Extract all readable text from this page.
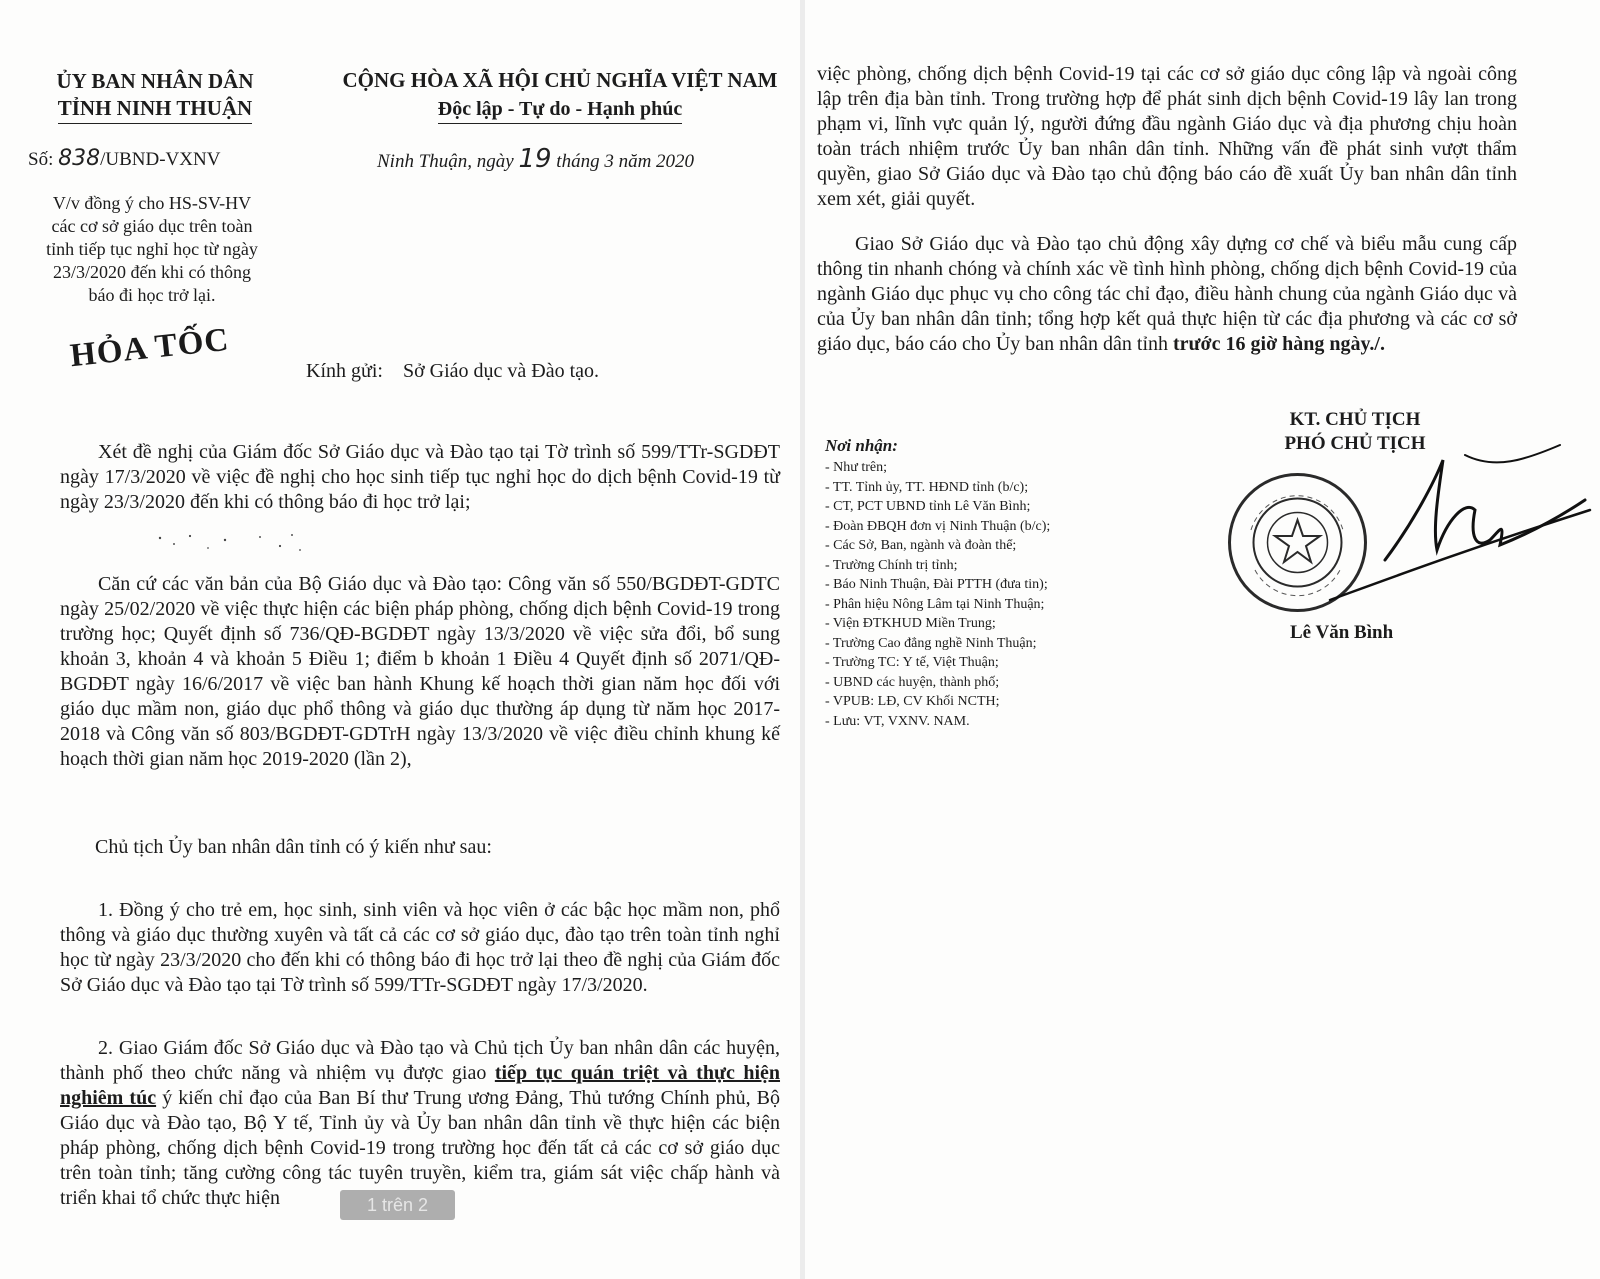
ỦY BAN NHÂN DÂN
TỈNH NINH THUẬN
CỘNG HÒA XÃ HỘI CHỦ NGHĨA VIỆT NAM
Độc lập - Tự do - Hạnh phúc
Số: 838/UBND-VXNV	Ninh Thuận, ngày 19 tháng 3 năm 2020
V/v đồng ý cho HS-SV-HV
các cơ sở giáo dục trên toàn
tỉnh tiếp tục nghỉ học từ ngày
23/3/2020 đến khi có thông
báo đi học trở lại.
HỎA TỐC	Kính gửi: Sở Giáo dục và Đào tạo.
Xét đề nghị của Giám đốc Sở Giáo dục và Đào tạo tại Tờ trình số 599/TTr-SGDĐT ngày 17/3/2020 về việc đề nghị cho học sinh tiếp tục nghỉ học do dịch bệnh Covid-19 từ ngày 23/3/2020 đến khi có thông báo đi học trở lại;
Căn cứ các văn bản của Bộ Giáo dục và Đào tạo: Công văn số 550/BGDĐT-GDTC ngày 25/02/2020 về việc thực hiện các biện pháp phòng, chống dịch bệnh Covid-19 trong trường học; Quyết định số 736/QĐ-BGDĐT ngày 13/3/2020 về việc sửa đổi, bổ sung khoản 3, khoản 4 và khoản 5 Điều 1; điểm b khoản 1 Điều 4 Quyết định số 2071/QĐ-BGDĐT ngày 16/6/2017 về việc ban hành Khung kế hoạch thời gian năm học đối với giáo dục mầm non, giáo dục phổ thông và giáo dục thường áp dụng từ năm học 2017-2018 và Công văn số 803/BGDĐT-GDTrH ngày 13/3/2020 về việc điều chỉnh khung kế hoạch thời gian năm học 2019-2020 (lần 2),
Chủ tịch Ủy ban nhân dân tỉnh có ý kiến như sau:
1. Đồng ý cho trẻ em, học sinh, sinh viên và học viên ở các bậc học mầm non, phổ thông và giáo dục thường xuyên và tất cả các cơ sở giáo dục, đào tạo trên toàn tỉnh nghỉ học từ ngày 23/3/2020 cho đến khi có thông báo đi học trở lại theo đề nghị của Giám đốc Sở Giáo dục và Đào tạo tại Tờ trình số 599/TTr-SGDĐT ngày 17/3/2020.
2. Giao Giám đốc Sở Giáo dục và Đào tạo và Chủ tịch Ủy ban nhân dân các huyện, thành phố theo chức năng và nhiệm vụ được giao tiếp tục quán triệt và thực hiện nghiêm túc ý kiến chỉ đạo của Ban Bí thư Trung ương Đảng, Thủ tướng Chính phủ, Bộ Giáo dục và Đào tạo, Bộ Y tế, Tỉnh ủy và Ủy ban nhân dân tỉnh về thực hiện các biện pháp phòng, chống dịch bệnh Covid-19 trong trường học đến tất cả các cơ sở giáo dục trên toàn tỉnh; tăng cường công tác tuyên truyền, kiểm tra, giám sát việc chấp hành và triển khai tổ chức thực hiện	1 trên 2
việc phòng, chống dịch bệnh Covid-19 tại các cơ sở giáo dục công lập và ngoài công lập trên địa bàn tỉnh. Trong trường hợp để phát sinh dịch bệnh Covid-19 lây lan trong phạm vi, lĩnh vực quản lý, người đứng đầu ngành Giáo dục và địa phương chịu hoàn toàn trách nhiệm trước Ủy ban nhân dân tỉnh. Những vấn đề phát sinh vượt thẩm quyền, giao Sở Giáo dục và Đào tạo chủ động báo cáo đề xuất Ủy ban nhân dân tỉnh xem xét, giải quyết.
Giao Sở Giáo dục và Đào tạo chủ động xây dựng cơ chế và biểu mẫu cung cấp thông tin nhanh chóng và chính xác về tình hình phòng, chống dịch bệnh Covid-19 của ngành Giáo dục phục vụ cho công tác chỉ đạo, điều hành chung của ngành Giáo dục và của Ủy ban nhân dân tỉnh; tổng hợp kết quả thực hiện từ các địa phương và các cơ sở giáo dục, báo cáo cho Ủy ban nhân dân tỉnh trước 16 giờ hàng ngày./.
KT. CHỦ TỊCH
PHÓ CHỦ TỊCH
Nơi nhận:
- Như trên;
- TT. Tỉnh ủy, TT. HĐND tỉnh (b/c);
- CT, PCT UBND tỉnh Lê Văn Bình;
- Đoàn ĐBQH đơn vị Ninh Thuận (b/c);
- Các Sở, Ban, ngành và đoàn thể;
- Trường Chính trị tỉnh;
- Báo Ninh Thuận, Đài PTTH (đưa tin);
- Phân hiệu Nông Lâm tại Ninh Thuận;
- Viện ĐTKHUD Miền Trung;
- Trường Cao đẳng nghề Ninh Thuận;
- Trường TC: Y tế, Việt Thuận;
- UBND các huyện, thành phố;
- VPUB: LĐ, CV Khối NCTH;
- Lưu: VT, VXNV. NAM.
Lê Văn Bình
